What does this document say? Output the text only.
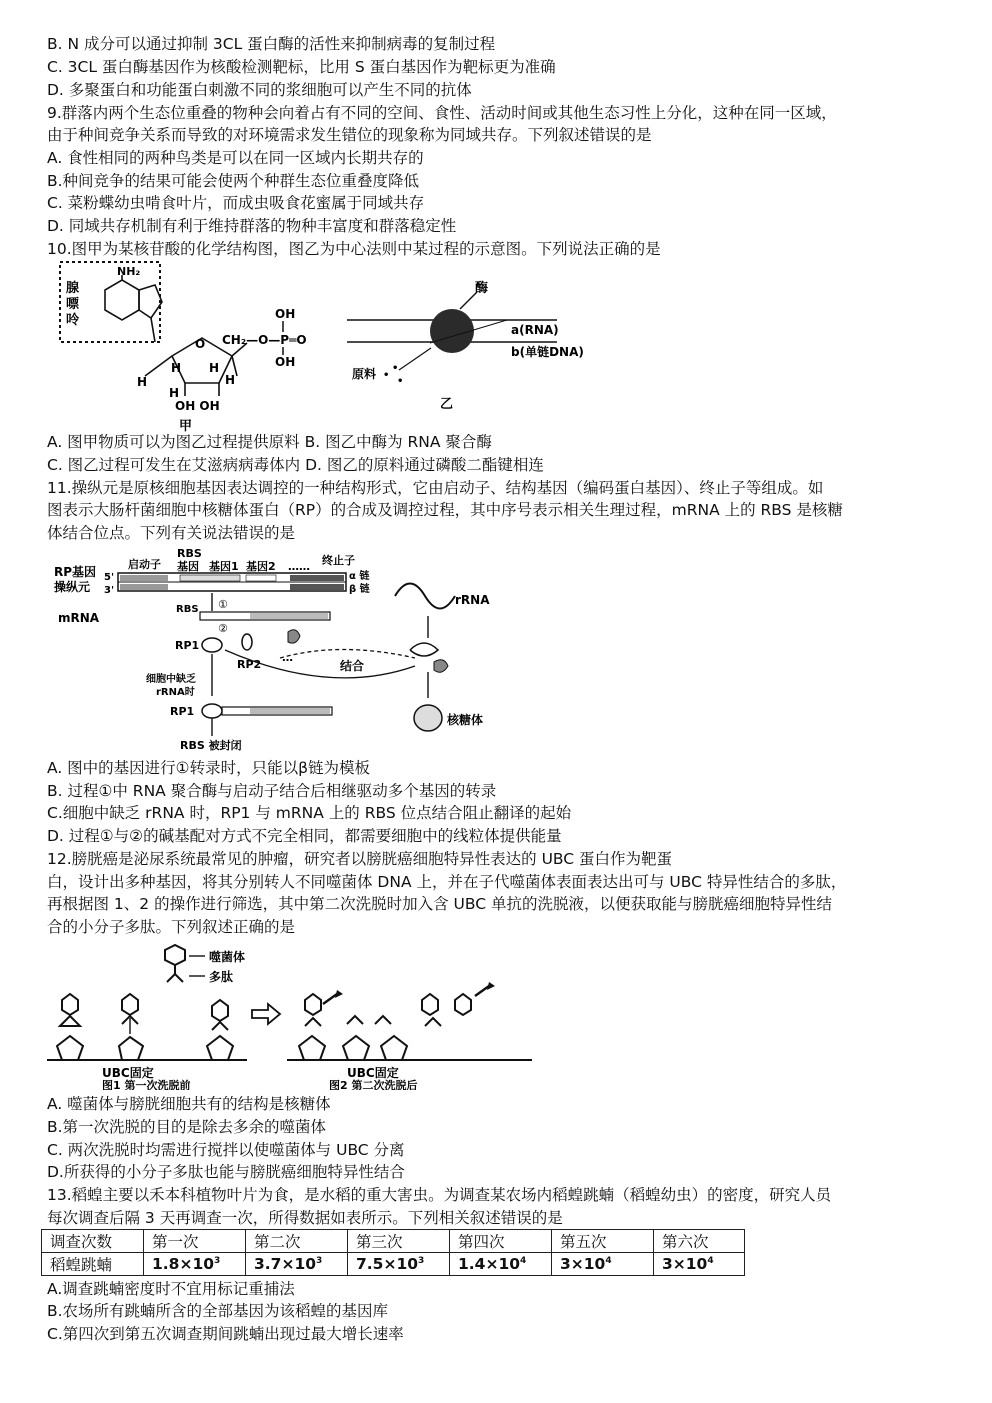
B. N 成分可以通过抑制 3CL 蛋白酶的活性来抑制病毒的复制过程
C. 3CL 蛋白酶基因作为核酸检测靶标，比用 S 蛋白基因作为靶标更为准确
D. 多聚蛋白和功能蛋白刺激不同的浆细胞可以产生不同的抗体
9.群落内两个生态位重叠的物种会向着占有不同的空间、食性、活动时间或其他生态习性上分化，这种在同一区域，
由于种间竞争关系而导致的对环境需求发生错位的现象称为同域共存。下列叙述错误的是
A. 食性相同的两种鸟类是可以在同一区域内长期共存的
B.种间竞争的结果可能会使两个种群生态位重叠度降低
C. 菜粉蝶幼虫啃食叶片，而成虫吸食花蜜属于同域共存
D. 同域共存机制有利于维持群落的物种丰富度和群落稳定性
10.图甲为某核苷酸的化学结构图，图乙为中心法则中某过程的示意图。下列说法正确的是
NH₂
腺
嘌
呤
O
H H
H	H
H
OH OH
CH₂—O—P═O
OH
OH
甲
酶
a(RNA)
b(单链DNA)
原料 •
•
•
乙
A. 图甲物质可以为图乙过程提供原料 B. 图乙中酶为 RNA 聚合酶
C. 图乙过程可发生在艾滋病病毒体内 D. 图乙的原料通过磷酸二酯键相连
11.操纵元是原核细胞基因表达调控的一种结构形式，它由启动子、结构基因（编码蛋白基因）、终止子等组成。如
图表示大肠杆菌细胞中核糖体蛋白（RP）的合成及调控过程，其中序号表示相关生理过程，mRNA 上的 RBS 是核糖
体结合位点。下列有关说法错误的是
RP基因
操纵元
5'
3'
mRNA
启动子
RBS
基因 基因1 基因2 …… 终止子
α 链
β 链
RBS ①
②
RP1
RP2
…
结合
rRNA
核糖体
细胞中缺乏
rRNA时
RP1
RBS 被封闭
A. 图中的基因进行①转录时，只能以β链为模板
B. 过程①中 RNA 聚合酶与启动子结合后相继驱动多个基因的转录
C.细胞中缺乏 rRNA 时，RP1 与 mRNA 上的 RBS 位点结合阻止翻译的起始
D. 过程①与②的碱基配对方式不完全相同，都需要细胞中的线粒体提供能量
12.膀胱癌是泌尿系统最常见的肿瘤，研究者以膀胱癌细胞特异性表达的 UBC 蛋白作为靶蛋
白，设计出多种基因，将其分别转人不同噬菌体 DNA 上，并在子代噬菌体表面表达出可与 UBC 特异性结合的多肽，
再根据图 1、2 的操作进行筛选，其中第二次洗脱时加入含 UBC 单抗的洗脱液，以便获取能与膀胱癌细胞特异性结
合的小分子多肽。下列叙述正确的是
噬菌体
多肽
UBC固定
图1 第一次洗脱前
UBC固定
图2 第二次洗脱后
A. 噬菌体与膀胱细胞共有的结构是核糖体
B.第一次洗脱的目的是除去多余的噬菌体
C. 两次洗脱时均需进行搅拌以使噬菌体与 UBC 分离
D.所获得的小分子多肽也能与膀胱癌细胞特异性结合
13.稻蝗主要以禾本科植物叶片为食，是水稻的重大害虫。为调查某农场内稻蝗跳蝻（稻蝗幼虫）的密度，研究人员
每次调查后隔 3 天再调查一次，所得数据如表所示。下列相关叙述错误的是
调查次数	第一次	第二次	第三次	第四次	第五次	第六次
稻蝗跳蝻	$1.8\times 10^3$	$3.7\times 10^3$	$7.5\times 10^3$	$1.4\times 10^4$	$3\times 10^4$	$3\times 10^4$
A.调查跳蝻密度时不宜用标记重捕法
B.农场所有跳蝻所含的全部基因为该稻蝗的基因库
C.第四次到第五次调查期间跳蝻出现过最大增长速率
